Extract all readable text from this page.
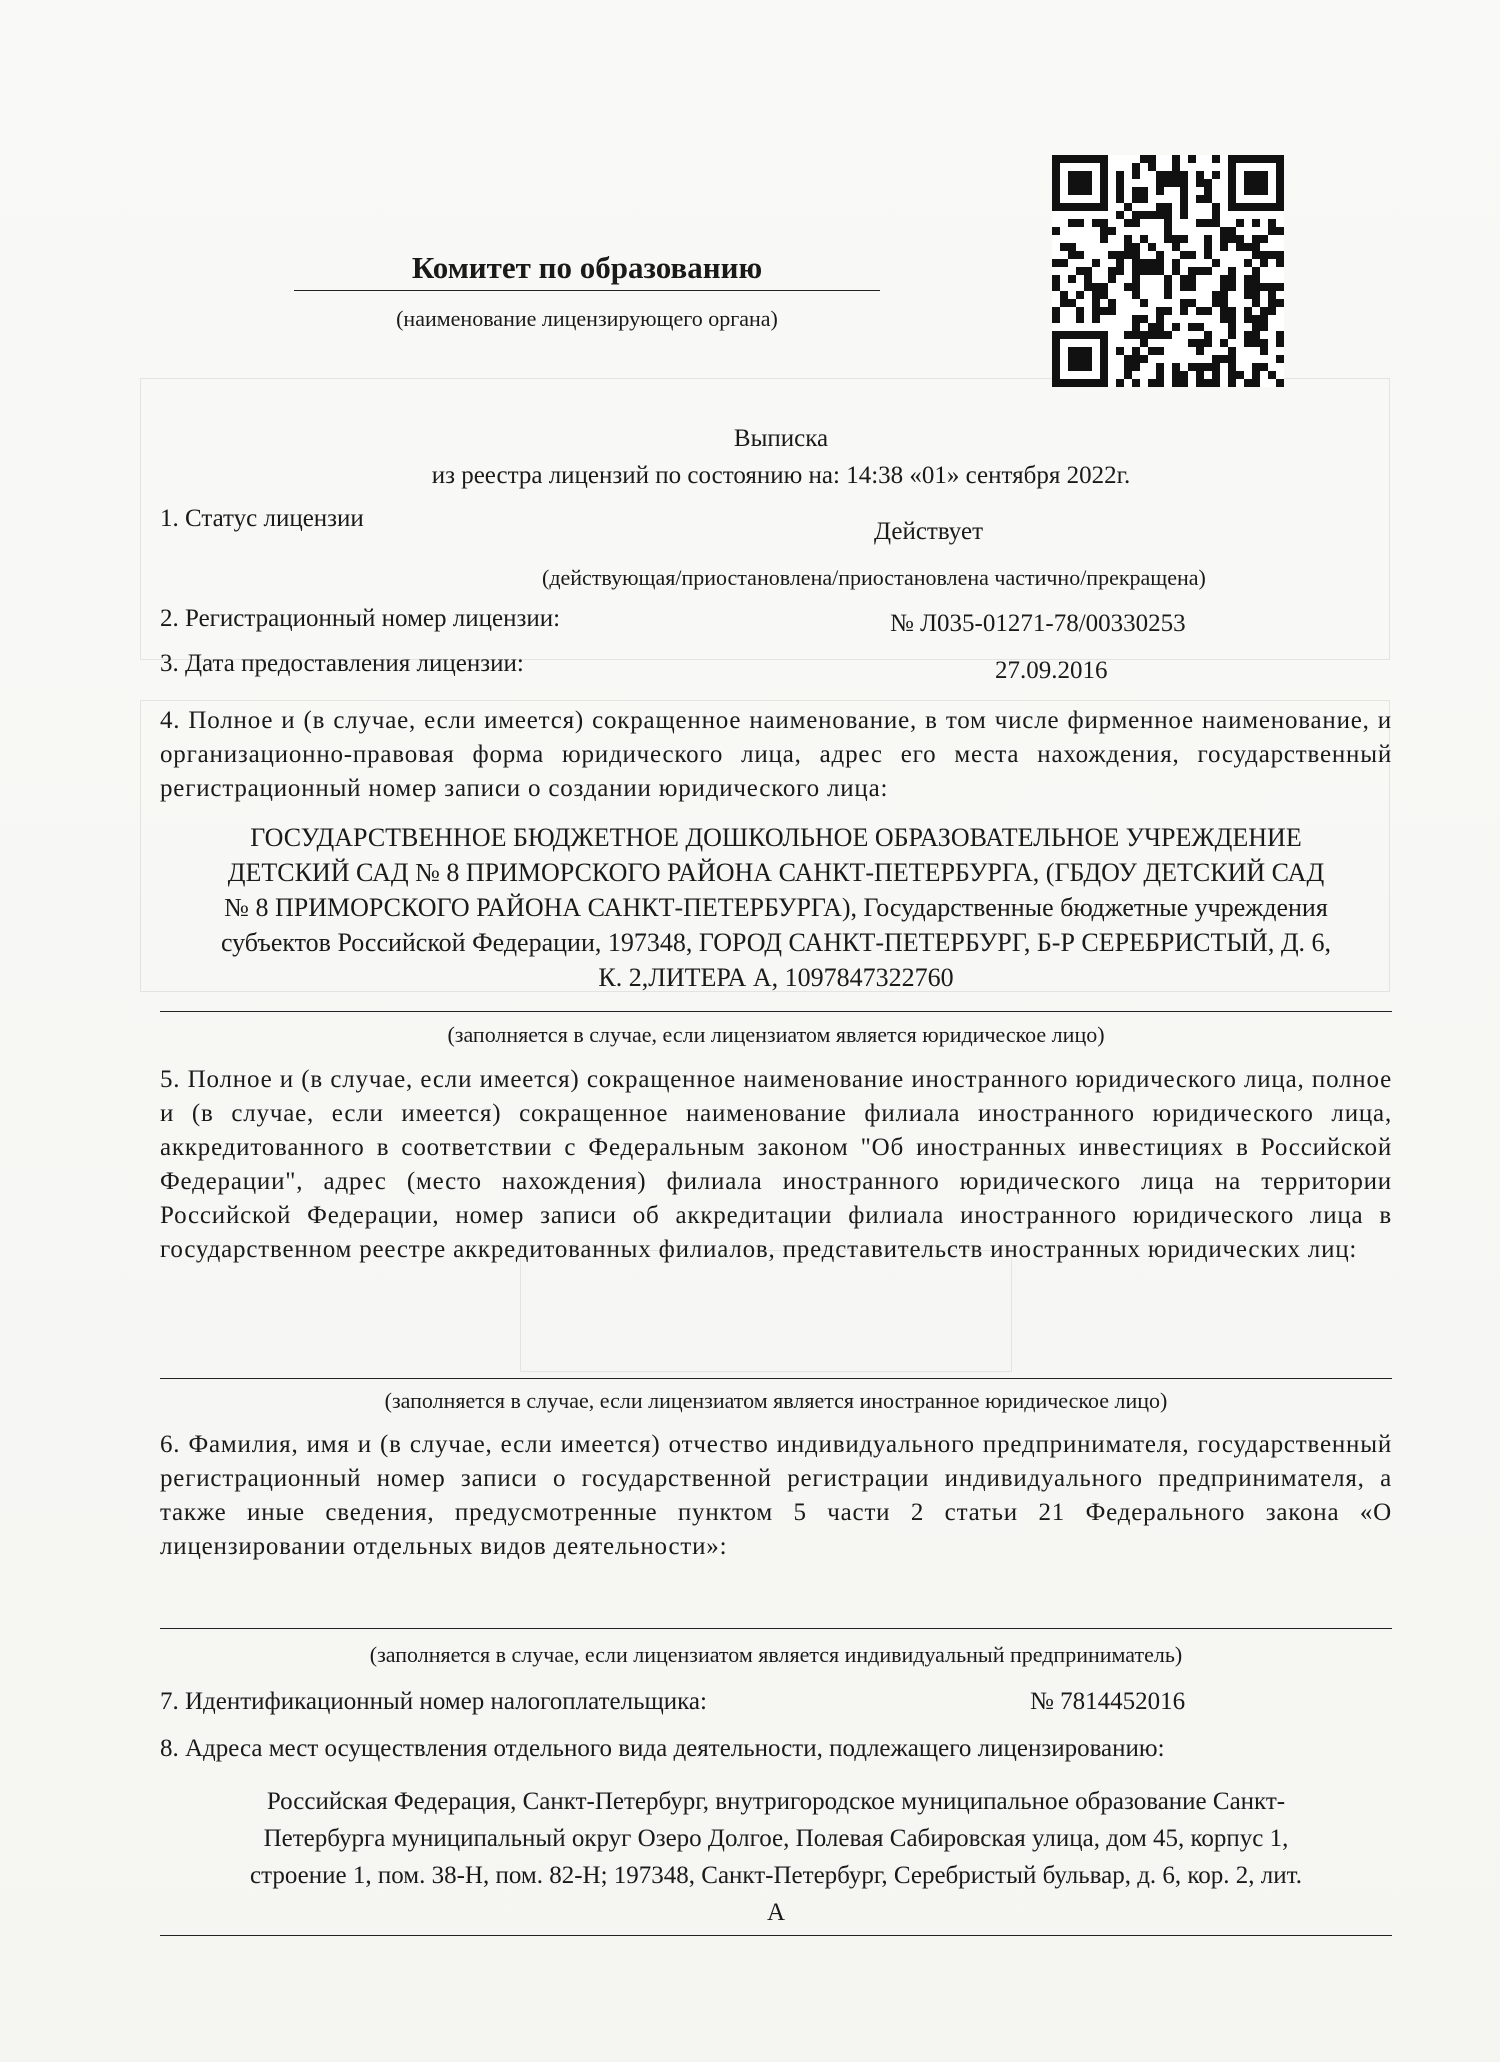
Комитет по образованию
(наименование лицензирующего органа)
Выписка
из реестра лицензий по состоянию на: 14:38 «01» сентября 2022г.
1. Статус лицензии	Действует
(действующая/приостановлена/приостановлена частично/прекращена)
2. Регистрационный номер лицензии:	№ Л035-01271-78/00330253
3. Дата предоставления лицензии:	27.09.2016
4. Полное и (в случае, если имеется) сокращенное наименование, в том числе фирменное наименование, и организационно-правовая форма юридического лица, адрес его места нахождения, государственный регистрационный номер записи о создании юридического лица:
ГОСУДАРСТВЕННОЕ БЮДЖЕТНОЕ ДОШКОЛЬНОЕ ОБРАЗОВАТЕЛЬНОЕ УЧРЕЖДЕНИЕ
ДЕТСКИЙ САД № 8 ПРИМОРСКОГО РАЙОНА САНКТ-ПЕТЕРБУРГА, (ГБДОУ ДЕТСКИЙ САД
№ 8 ПРИМОРСКОГО РАЙОНА САНКТ-ПЕТЕРБУРГА), Государственные бюджетные учреждения
субъектов Российской Федерации, 197348, ГОРОД САНКТ-ПЕТЕРБУРГ, Б-Р СЕРЕБРИСТЫЙ, Д. 6,
К. 2,ЛИТЕРА А, 1097847322760
(заполняется в случае, если лицензиатом является юридическое лицо)
5. Полное и (в случае, если имеется) сокращенное наименование иностранного юридического лица, полное и (в случае, если имеется) сокращенное наименование филиала иностранного юридического лица, аккредитованного в соответствии с Федеральным законом "Об иностранных инвестициях в Российской Федерации", адрес (место нахождения) филиала иностранного юридического лица на территории Российской Федерации, номер записи об аккредитации филиала иностранного юридического лица в государственном реестре аккредитованных филиалов, представительств иностранных юридических лиц:
(заполняется в случае, если лицензиатом является иностранное юридическое лицо)
6. Фамилия, имя и (в случае, если имеется) отчество индивидуального предпринимателя, государственный регистрационный номер записи о государственной регистрации индивидуального предпринимателя, а также иные сведения, предусмотренные пунктом 5 части 2 статьи 21 Федерального закона «О лицензировании отдельных видов деятельности»:
(заполняется в случае, если лицензиатом является индивидуальный предприниматель)
7. Идентификационный номер налогоплательщика:	№ 7814452016
8. Адреса мест осуществления отдельного вида деятельности, подлежащего лицензированию:
Российская Федерация, Санкт-Петербург, внутригородское муниципальное образование Санкт-
Петербурга муниципальный округ Озеро Долгое, Полевая Сабировская улица, дом 45, корпус 1,
строение 1, пом. 38-Н, пом. 82-Н; 197348, Санкт-Петербург, Серебристый бульвар, д. 6, кор. 2, лит.
А
